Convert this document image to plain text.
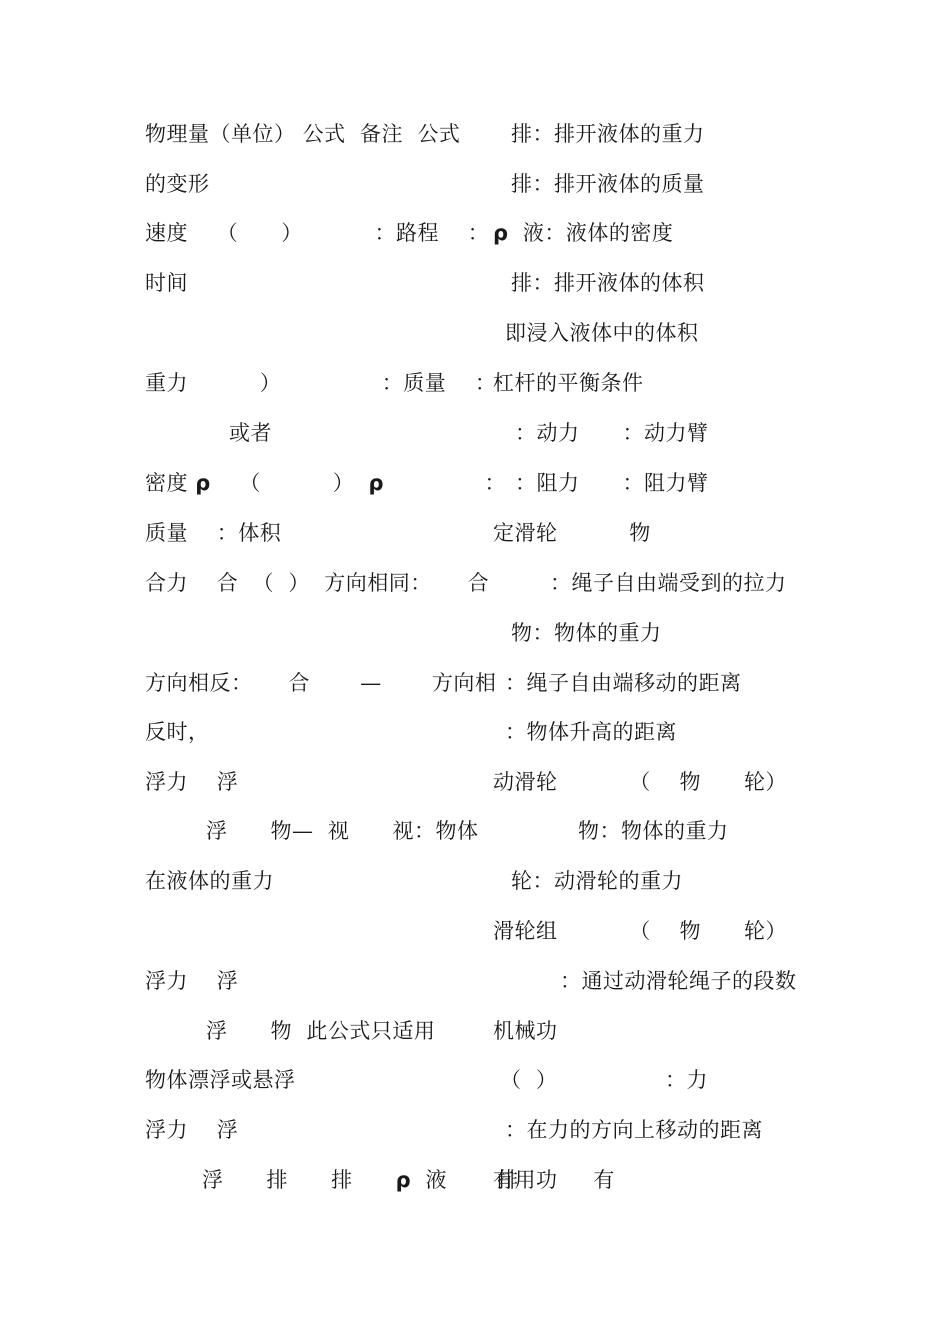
物理量（单位） 公式  备注  公式

的变形

速度    （      ）          ：路程    ：

时间

重力          ）              ：质量    ：

或者

密度 ρ    （          ）  ρ              ：

质量    ：体积

合力    合  （  ）  方向相同：     合

方向相反：     合       —       方向相

反时，

浮力    浮

浮      物—  视      视：物体

在液体的重力

浮力    浮

浮      物  此公式只适用

物体漂浮或悬浮

浮力    浮

浮      排      排      ρ  液       排

排：排开液体的重力

排：排开液体的质量

ρ  液：液体的密度

排：排开液体的体积

即浸入液体中的体积

杠杆的平衡条件

：动力      ：动力臂

：阻力      ：阻力臂

定滑轮          物

：绳子自由端受到的拉力

物：物体的重力

：绳子自由端移动的距离

：物体升高的距离

动滑轮          （    物      轮）

物：物体的重力

轮：动滑轮的重力

滑轮组          （    物      轮）

：通过动滑轮绳子的段数

机械功

（  ）               ：力

：在力的方向上移动的距离

有用功     有
